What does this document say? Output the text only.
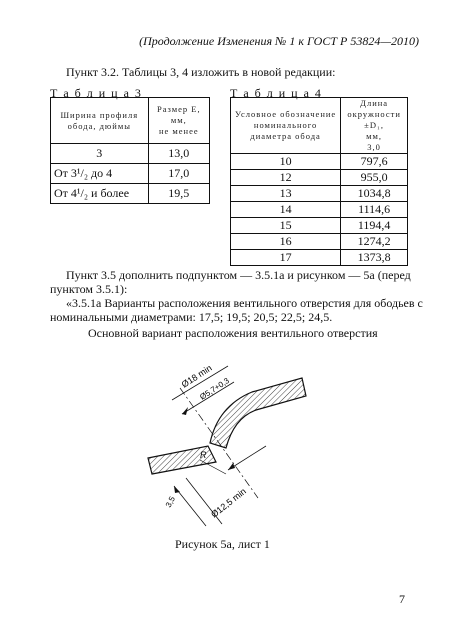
(Продолжение Изменения № 1 к ГОСТ Р 53824—2010)
Пункт 3.2. Таблицы 3, 4 изложить в новой редакции:
Т а б л и ц а 3
Ширина профиля обода, дюймы	Размер Е,
мм,
не менее

3	13,0
От 3¹/₂ до 4	17,0
От 4¹/₂ и более	19,5
Т а б л и ц а 4
Условное обозначение номинального диаметра обода	Длина окружности ±D₁,
мм,
3,0

10	797,6
12	955,0
13	1034,8
14	1114,6
15	1194,4
16	1274,2
17	1373,8
Пункт 3.5 дополнить подпунктом — 3.5.1а и рисунком — 5а (перед
пунктом 3.5.1):
«3.5.1а Варианты расположения вентильного отверстия для ободьев с
номинальными диаметрами: 17,5; 19,5; 20,5; 22,5; 24,5.
Основной вариант расположения вентильного отверстия
Ø18 min
Ø5,7+0,3
Ø12,5 min
3,5
R
Рисунок 5а, лист 1
7
